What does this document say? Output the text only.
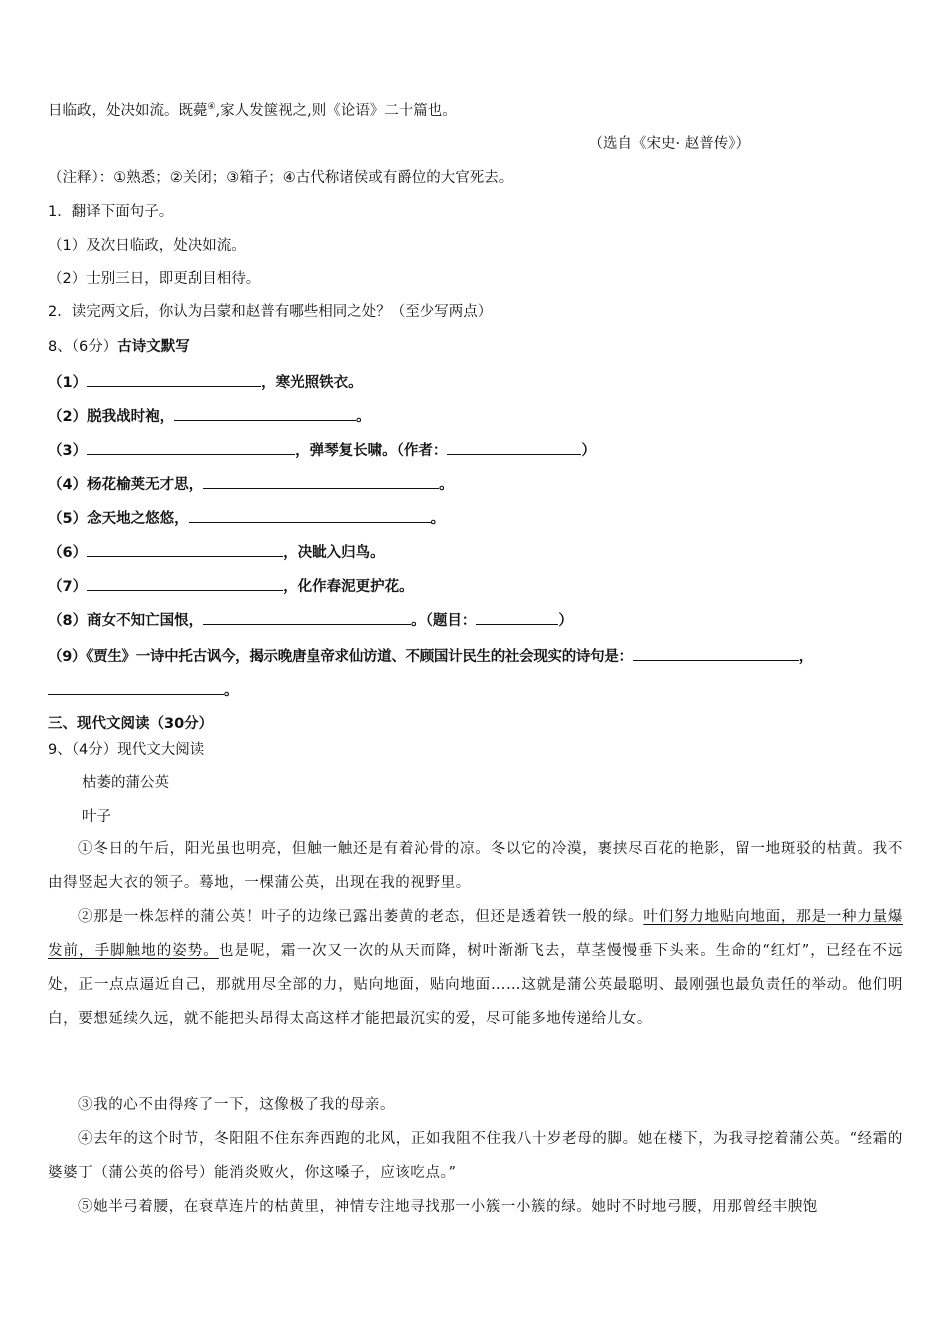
日临政，处决如流。既薨④,家人发箧视之,则《论语》二十篇也。
（选自《宋史· 赵普传》）
（注释）：①熟悉；②关闭；③箱子；④古代称诸侯或有爵位的大官死去。
1．翻译下面句子。
（1）及次日临政，处决如流。
（2）士别三日，即更刮目相待。
2．读完两文后，你认为吕蒙和赵普有哪些相同之处？（至少写两点）
8、（6分）古诗文默写
（1）	，寒光照铁衣。
（2）脱我战时袍，	。
（3）	，弹琴复长啸。（作者：	）
（4）杨花榆荚无才思，	。
（5）念天地之悠悠，	。
（6）	，决眦入归鸟。
（7）	，化作春泥更护花。
（8）商女不知亡国恨，	。（题目：	）
（9）《贾生》一诗中托古讽今，揭示晚唐皇帝求仙访道、不顾国计民生的社会现实的诗句是：	，
。
三、现代文阅读（30分）
9、（4分）现代文大阅读
枯萎的蒲公英
叶子
①冬日的午后，阳光虽也明亮，但触一触还是有着沁骨的凉。冬以它的冷漠，裹挟尽百花的艳影，留一地斑驳的枯黄。我不由得竖起大衣的领子。蓦地，一棵蒲公英，出现在我的视野里。
②那是一株怎样的蒲公英！叶子的边缘已露出萎黄的老态，但还是透着铁一般的绿。叶们努力地贴向地面，那是一种力量爆发前，手脚触地的姿势。也是呢，霜一次又一次的从天而降，树叶渐渐飞去，草茎慢慢垂下头来。生命的“红灯”，已经在不远处，正一点点逼近自己，那就用尽全部的力，贴向地面，贴向地面……这就是蒲公英最聪明、最刚强也最负责任的举动。他们明白，要想延续久远，就不能把头昂得太高这样才能把最沉实的爱，尽可能多地传递给儿女。
③我的心不由得疼了一下，这像极了我的母亲。
④去年的这个时节，冬阳阻不住东奔西跑的北风，正如我阻不住我八十岁老母的脚。她在楼下，为我寻挖着蒲公英。“经霜的婆婆丁（蒲公英的俗号）能消炎败火，你这嗓子，应该吃点。”
⑤她半弓着腰，在衰草连片的枯黄里，神情专注地寻找那一小簇一小簇的绿。她时不时地弓腰，用那曾经丰腴饱
